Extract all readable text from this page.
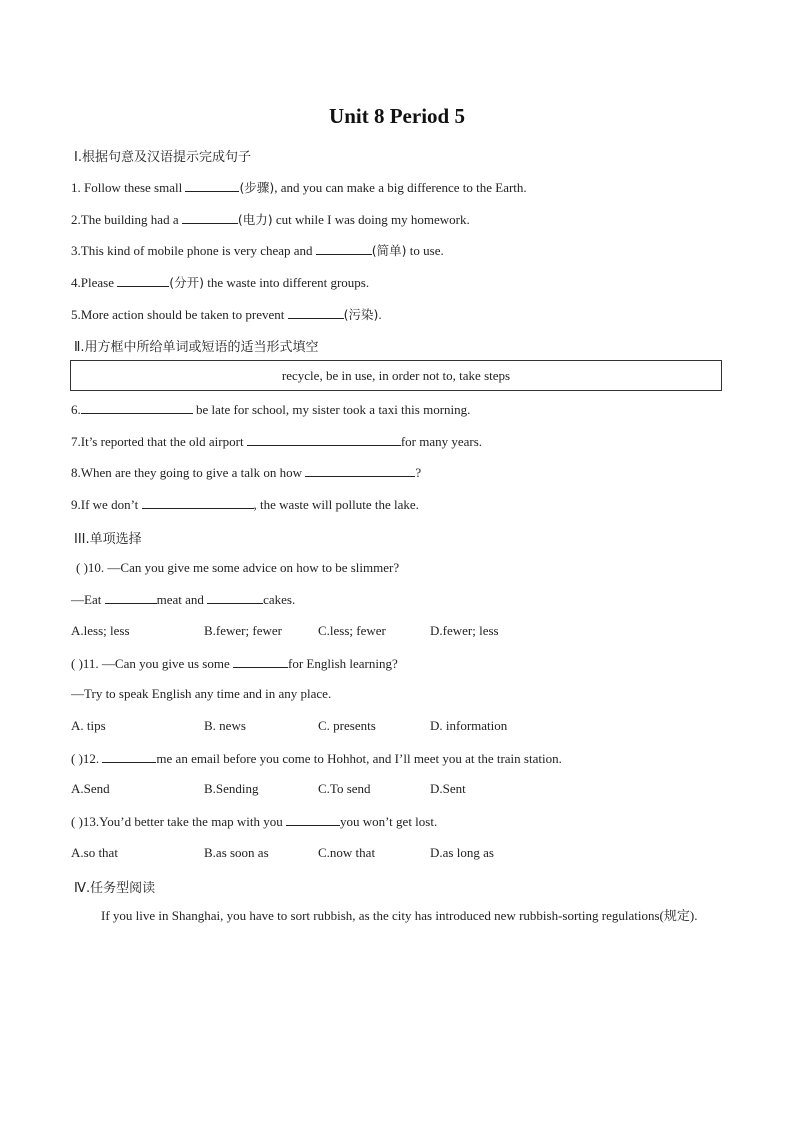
Unit 8 Period 5
Ⅰ.根据句意及汉语提示完成句子
1. Follow these small	(步骤), and you can make a big difference to the Earth.
2.The building had a	(电力) cut while I was doing my homework.
3.This kind of mobile phone is very cheap and	(简单) to use.
4.Please	(分开) the waste into different groups.
5.More action should be taken to prevent	(污染).
Ⅱ.用方框中所给单词或短语的适当形式填空
recycle, be in use, in order not to, take steps
6.	be late for school, my sister took a taxi this morning.
7.It’s reported that the old airport	for many years.
8.When are they going to give a talk on how	?
9.If we don’t	, the waste will pollute the lake.
III.单项选择
( )10. —Can you give me some advice on how to be slimmer?
—Eat	meat and	cakes.
A.less; less	B.fewer; fewer	C.less; fewer	D.fewer; less
( )11. —Can you give us some	for English learning?
—Try to speak English any time and in any place.
A. tips	B. news	C. presents	D. information
( )12.	me an email before you come to Hohhot, and I’ll meet you at the train station.
A.Send	B.Sending	C.To send	D.Sent
( )13.You’d better take the map with you	you won’t get lost.
A.so that	B.as soon as	C.now that	D.as long as
Ⅳ.任务型阅读
If you live in Shanghai, you have to sort rubbish, as the city has introduced new rubbish-sorting regulations(规定).
